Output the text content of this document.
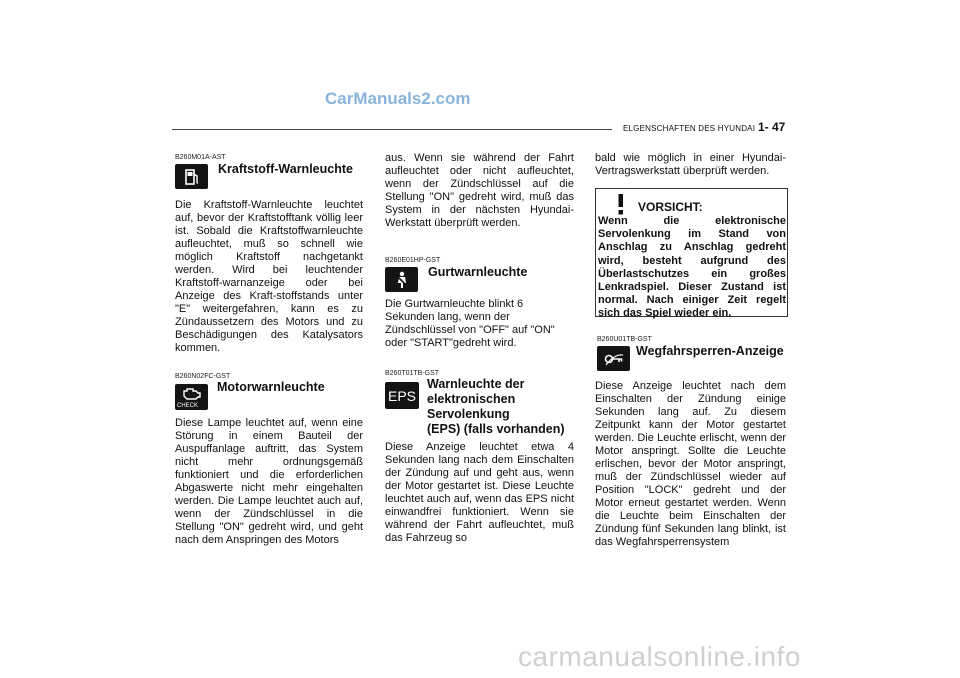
CarManuals2.com
carmanualsonline.info
ELGENSCHAFTEN DES HYUNDAI 1- 47
B260M01A-AST
Kraftstoff-Warnleuchte
Die Kraftstoff-Warnleuchte leuchtet auf, bevor der Kraftstofftank völlig leer ist. Sobald die Kraftstoffwarnleuchte aufleuchtet, muß so schnell wie möglich Kraftstoff nachgetankt werden. Wird bei leuchtender Kraftstoff-warnanzeige oder bei Anzeige des Kraft-stoffstands unter "E" weitergefahren, kann es zu Zündaussetzern des Motors und zu Beschädigungen des Katalysators kommen.
B260N02FC-GST
CHECK
Motorwarnleuchte
Diese Lampe leuchtet auf, wenn eine Störung in einem Bauteil der Auspuffanlage auftritt, das System nicht mehr ordnungsgemäß funktioniert und die erforderlichen Abgaswerte nicht mehr eingehalten werden. Die Lampe leuchtet auch auf, wenn der Zündschlüssel in die Stellung "ON" gedreht wird, und geht nach dem Anspringen des Motors
aus. Wenn sie während der Fahrt aufleuchtet oder nicht aufleuchtet, wenn der Zündschlüssel auf die Stellung "ON" gedreht wird, muß das System in der nächsten Hyundai-Werkstatt überprüft werden.
B260E01HP-GST
Gurtwarnleuchte
Die Gurtwarnleuchte blinkt 6 Sekunden lang, wenn der Zündschlüssel von "OFF" auf "ON" oder "START"gedreht wird.
B260T01TB-GST
EPS
Warnleuchte der
elektronischen
Servolenkung
(EPS) (falls vorhanden)
Diese Anzeige leuchtet etwa 4 Sekunden lang nach dem Einschalten der Zündung auf und geht aus, wenn der Motor gestartet ist. Diese Leuchte leuchtet auch auf, wenn das EPS nicht einwandfrei funktioniert. Wenn sie während der Fahrt aufleuchtet, muß das Fahrzeug so
bald wie möglich in einer Hyundai-Vertragswerkstatt überprüft werden.
VORSICHT:
Wenn die elektronische Servolenkung im Stand von Anschlag zu Anschlag gedreht wird, besteht aufgrund des Überlastschutzes ein großes Lenkradspiel. Dieser Zustand ist normal. Nach einiger Zeit regelt sich das Spiel wieder ein.
B260U01TB-GST
Wegfahrsperren-Anzeige
Diese Anzeige leuchtet nach dem Einschalten der Zündung einige Sekunden lang auf. Zu diesem Zeitpunkt kann der Motor gestartet werden. Die Leuchte erlischt, wenn der Motor anspringt. Sollte die Leuchte erlischen, bevor der Motor anspringt, muß der Zündschlüssel wieder auf Position "LOCK" gedreht und der Motor erneut gestartet werden. Wenn die Leuchte beim Einschalten der Zündung fünf Sekunden lang blinkt, ist das Wegfahrsperrensystem
